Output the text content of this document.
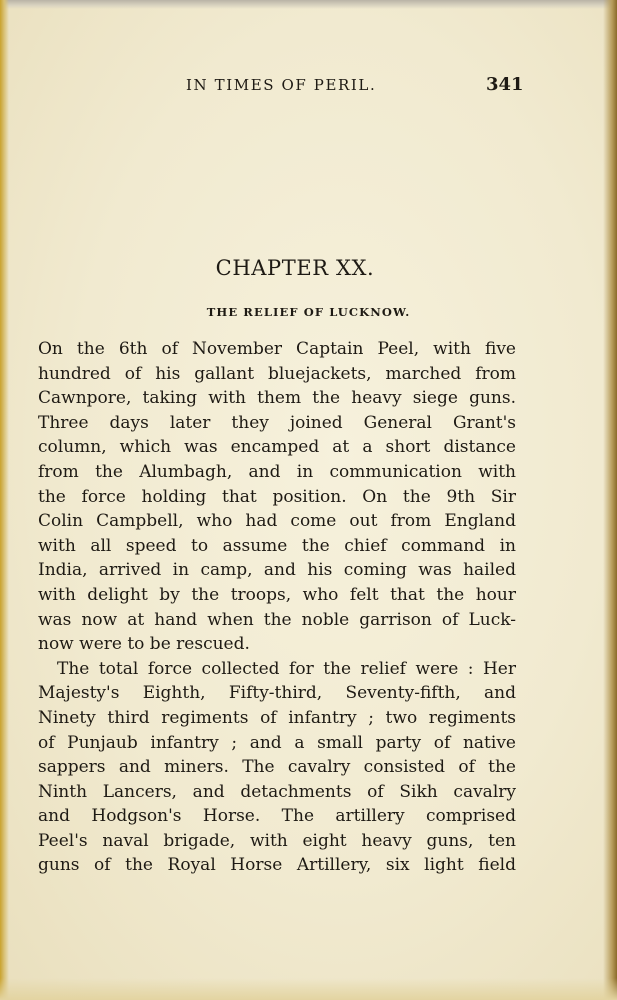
IN TIMES OF PERIL.	341
CHAPTER XX.
THE RELIEF OF LUCKNOW.
On the 6th of November Captain Peel, with five
hundred of his gallant bluejackets, marched from
Cawnpore, taking with them the heavy siege guns.
Three days later they joined General Grant's
column, which was encamped at a short distance
from the Alumbagh, and in communication with
the force holding that position. On the 9th Sir
Colin Campbell, who had come out from England
with all speed to assume the chief command in
India, arrived in camp, and his coming was hailed
with delight by the troops, who felt that the hour
was now at hand when the noble garrison of Luck-
now were to be rescued.
The total force collected for the relief were : Her
Majesty's Eighth, Fifty-third, Seventy-fifth, and
Ninety third regiments of infantry ; two regiments
of Punjaub infantry ; and a small party of native
sappers and miners. The cavalry consisted of the
Ninth Lancers, and detachments of Sikh cavalry
and Hodgson's Horse. The artillery comprised
Peel's naval brigade, with eight heavy guns, ten
guns of the Royal Horse Artillery, six light field
